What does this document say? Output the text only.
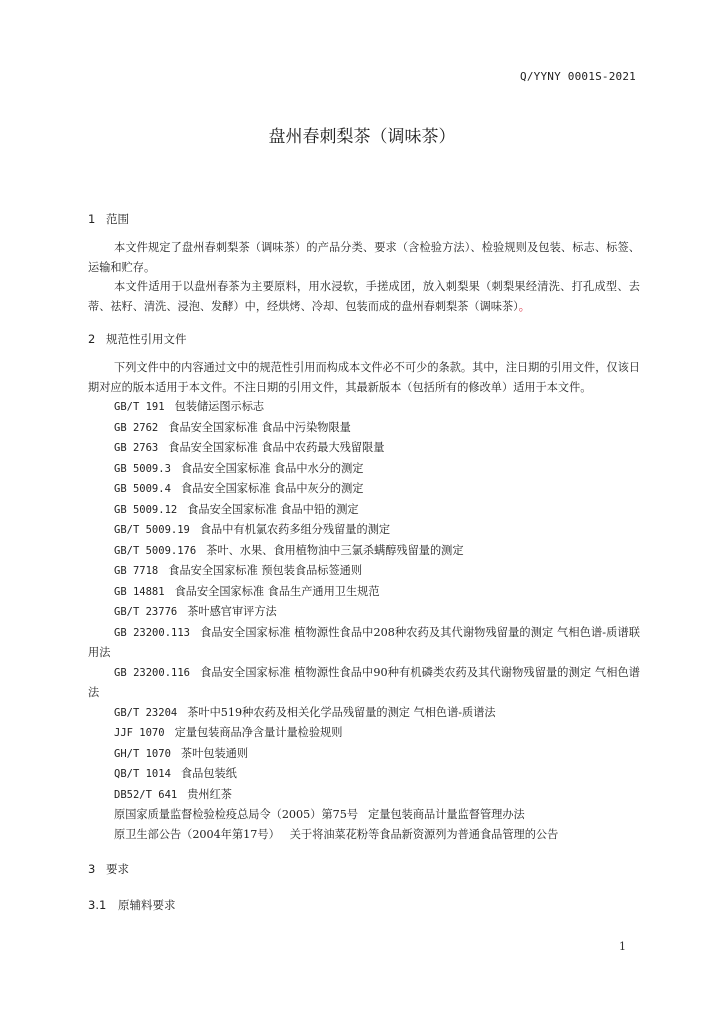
Q/YYNY 0001S-2021
盘州春刺梨茶（调味茶）
1 范围

本文件规定了盘州春刺梨茶（调味茶）的产品分类、要求（含检验方法）、检验规则及包装、标志、标签、运输和贮存。

本文件适用于以盘州春茶为主要原料，用水浸软，手搓成团，放入刺梨果（刺梨果经清洗、打孔成型、去蒂、祛籽、清洗、浸泡、发酵）中，经烘烤、冷却、包装而成的盘州春刺梨茶（调味茶）。

2 规范性引用文件

下列文件中的内容通过文中的规范性引用而构成本文件必不可少的条款。其中，注日期的引用文件，仅该日期对应的版本适用于本文件。不注日期的引用文件，其最新版本（包括所有的修改单）适用于本文件。

GB/T 191 包装储运图示标志

GB 2762 食品安全国家标准 食品中污染物限量

GB 2763 食品安全国家标准 食品中农药最大残留限量

GB 5009.3 食品安全国家标准 食品中水分的测定

GB 5009.4 食品安全国家标准 食品中灰分的测定

GB 5009.12 食品安全国家标准 食品中铅的测定

GB/T 5009.19 食品中有机氯农药多组分残留量的测定

GB/T 5009.176 茶叶、水果、食用植物油中三氯杀螨醇残留量的测定

GB 7718 食品安全国家标准 预包装食品标签通则

GB 14881 食品安全国家标准 食品生产通用卫生规范

GB/T 23776 茶叶感官审评方法

GB 23200.113 食品安全国家标准 植物源性食品中208种农药及其代谢物残留量的测定 气相色谱-质谱联用法

GB 23200.116 食品安全国家标准 植物源性食品中90种有机磷类农药及其代谢物残留量的测定 气相色谱法

GB/T 23204 茶叶中519种农药及相关化学品残留量的测定 气相色谱-质谱法

JJF 1070 定量包装商品净含量计量检验规则

GH/T 1070 茶叶包装通则

QB/T 1014 食品包装纸

DB52/T 641 贵州红茶

原国家质量监督检验检疫总局令（2005）第75号 定量包装商品计量监督管理办法

原卫生部公告（2004年第17号） 关于将油菜花粉等食品新资源列为普通食品管理的公告

3 要求
3.1 原辅料要求
1
